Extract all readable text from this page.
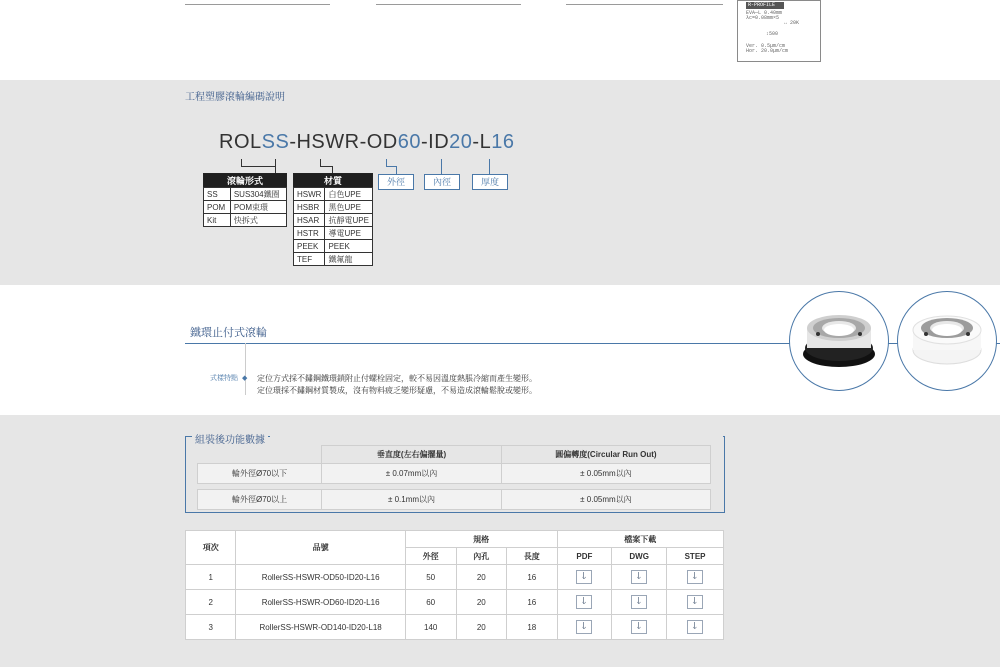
R-PROFILE
EVA—L 0.40mm
λc=0.08mm×5
↔ 20K
↕500
Ver. 0.5µm/cm
Hor. 20.0µm/cm
工程塑膠滾輪編碼說明
ROLSS-HSWR-OD60-ID20-L16
外徑	內徑	厚度
滾輪形式	
SS	SUS304鐵圈
POM	POM束環
Kit	快拆式
材質	
HSWR	白色UPE
HSBR	黑色UPE
HSAR	抗靜電UPE
HSTR	導電UPE
PEEK	PEEK
TEF	鐵氟龍
鐵環止付式滾輪
◆
式樣特點 定位方式採不鏽鋼鐵環鎖附止付螺栓固定，較不易因溫度熱脹冷縮而產生變形。
定位環採不鏽鋼材質製成，沒有物料疲乏變形疑慮，不易造成滾輪鬆脫或變形。
組裝後功能數據
	垂直度(左右偏擺量)	圓偏轉度(Circular Run Out)
輪外徑Ø70以下	± 0.07mm以內	± 0.05mm以內

輪外徑Ø70以上	± 0.1mm以內	± 0.05mm以內
項次	品號	規格			檔案下載		
		外徑	內孔	長度	PDF	DWG	STEP
1	RollerSS-HSWR-OD50-ID20-L16	50	20	16	⌄	⌄	⌄
2	RollerSS-HSWR-OD60-ID20-L16	60	20	16	⌄	⌄	⌄
3	RollerSS-HSWR-OD140-ID20-L18	140	20	18	⌄	⌄	⌄
